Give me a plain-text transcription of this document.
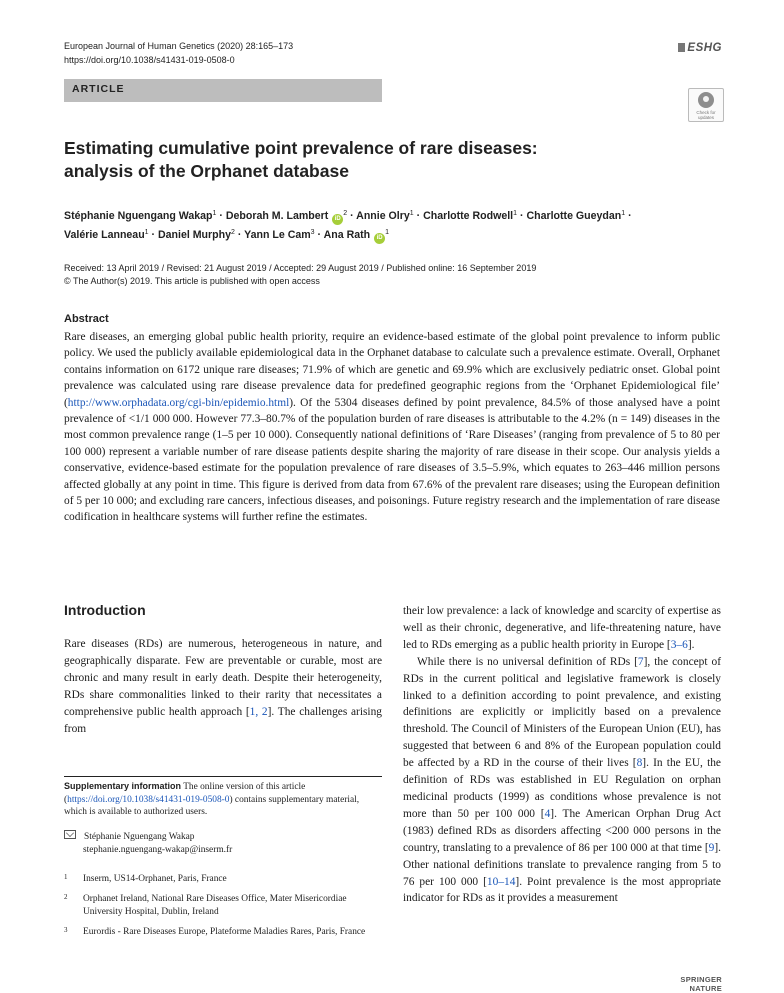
European Journal of Human Genetics (2020) 28:165–173
https://doi.org/10.1038/s41431-019-0508-0
ESHG
ARTICLE
Check for updates
Estimating cumulative point prevalence of rare diseases:
analysis of the Orphanet database
Stéphanie Nguengang Wakap$^1$ · Deborah M. Lambert $iD^2$ · Annie Olry$^1$ · Charlotte Rodwell$^1$ · Charlotte Gueydan$^1$ ·
Valérie Lanneau$^1$ · Daniel Murphy$^2$ · Yann Le Cam$^3$ · Ana Rath $iD^1$
Received: 13 April 2019 / Revised: 21 August 2019 / Accepted: 29 August 2019 / Published online: 16 September 2019
© The Author(s) 2019. This article is published with open access
Abstract
Rare diseases, an emerging global public health priority, require an evidence-based estimate of the global point prevalence to inform public policy. We used the publicly available epidemiological data in the Orphanet database to calculate such a prevalence estimate. Overall, Orphanet contains information on 6172 unique rare diseases; 71.9% of which are genetic and 69.9% which are exclusively pediatric onset. Global point prevalence was calculated using rare disease prevalence data for predefined geographic regions from the ‘Orphanet Epidemiological file’ (http://www.orphadata.org/cgi-bin/epidemio.html). Of the 5304 diseases defined by point prevalence, 84.5% of those analysed have a point prevalence of <1/1 000 000. However 77.3–80.7% of the population burden of rare diseases is attributable to the 4.2% (n = 149) diseases in the most common prevalence range (1–5 per 10 000). Consequently national definitions of ‘Rare Diseases’ (ranging from prevalence of 5 to 80 per 100 000) represent a variable number of rare disease patients despite sharing the majority of rare disease in their scope. Our analysis yields a conservative, evidence-based estimate for the population prevalence of rare diseases of 3.5–5.9%, which equates to 263–446 million persons affected globally at any point in time. This figure is derived from data from 67.6% of the prevalent rare diseases; using the European definition of 5 per 10 000; and excluding rare cancers, infectious diseases, and poisonings. Future registry research and the implementation of rare disease codification in healthcare systems will further refine the estimates.
Introduction

Rare diseases (RDs) are numerous, heterogeneous in nature, and geographically disparate. Few are preventable or curable, most are chronic and many result in early death. Despite their heterogeneity, RDs share commonalities linked to their rarity that necessitates a comprehensive public health approach [1, 2]. The challenges arising from

their low prevalence: a lack of knowledge and scarcity of expertise as well as their chronic, degenerative, and life-threatening nature, have led to RDs emerging as a public health priority in Europe [3–6].

While there is no universal definition of RDs [7], the concept of RDs in the current political and legislative framework is closely linked to a definition according to point prevalence, and existing definitions are explicitly or implicitly based on a prevalence threshold. The Council of Ministers of the European Union (EU), has suggested that between 6 and 8% of the European population could be affected by a RD in the course of their lives [8]. In the EU, the definition of RDs was established in EU Regulation on orphan medicinal products (1999) as conditions whose prevalence is not more than 50 per 100 000 [4]. The American Orphan Drug Act (1983) defined RDs as disorders affecting <200 000 persons in the country, translating to a prevalence of 86 per 100 000 at that time [9]. Other national definitions translate to prevalence ranging from 5 to 76 per 100 000 [10–14]. Point prevalence is the most appropriate indicator for RDs as it provides a measurement

Supplementary information The online version of this article (https://doi.org/10.1038/s41431-019-0508-0) contains supplementary material, which is available to authorized users.
Stéphanie Nguengang Wakap
stephanie.nguengang-wakap@inserm.fr
1	Inserm, US14-Orphanet, Paris, France
2	Orphanet Ireland, National Rare Diseases Office, Mater Misericordiae University Hospital, Dublin, Ireland
3	Eurordis - Rare Diseases Europe, Plateforme Maladies Rares, Paris, France
SPRINGER NATURE
